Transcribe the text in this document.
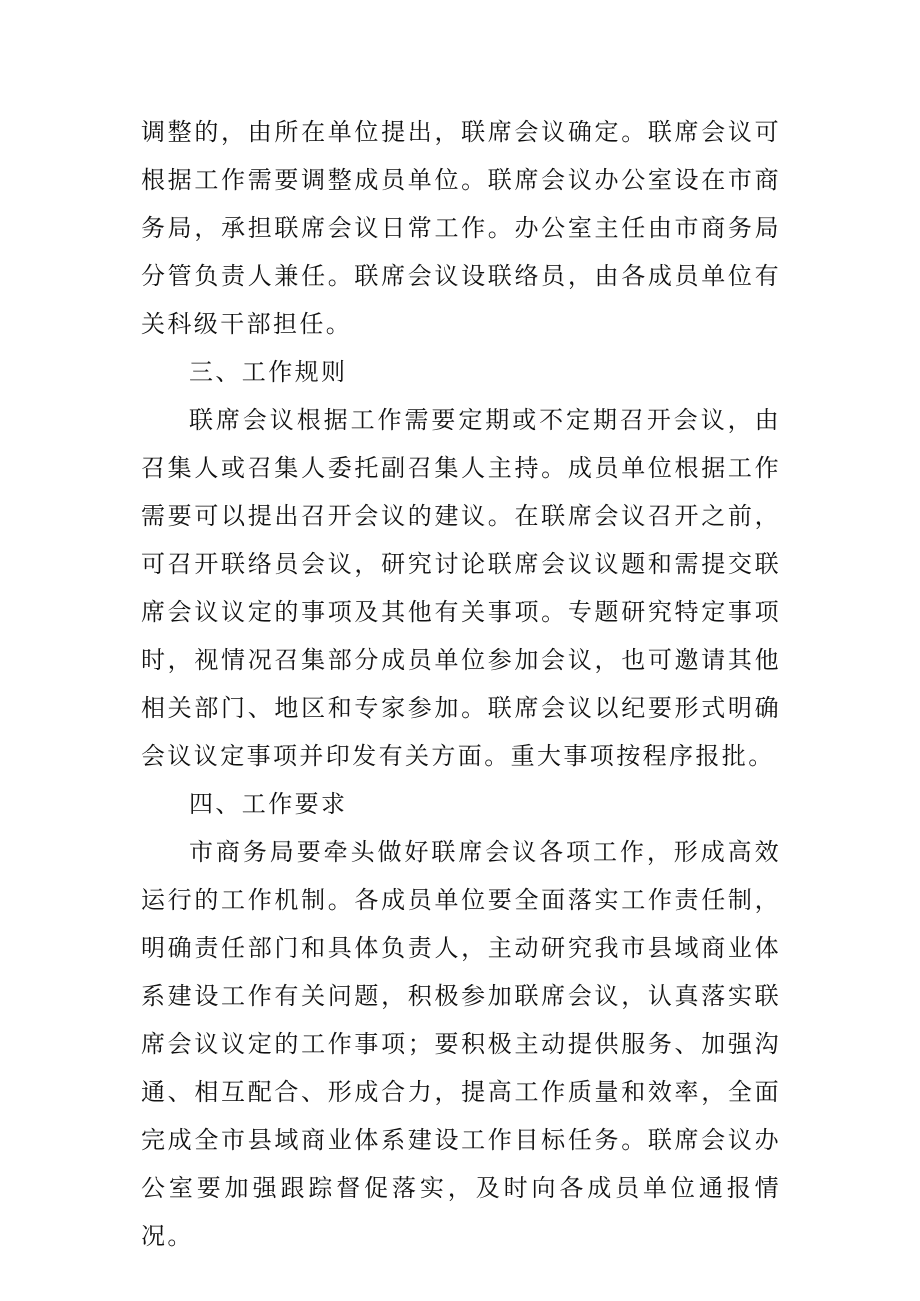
调整的，由所在单位提出，联席会议确定。联席会议可根据工作需要调整成员单位。联席会议办公室设在市商务局，承担联席会议日常工作。办公室主任由市商务局分管负责人兼任。联席会议设联络员，由各成员单位有关科级干部担任。

三、工作规则

联席会议根据工作需要定期或不定期召开会议，由召集人或召集人委托副召集人主持。成员单位根据工作需要可以提出召开会议的建议。在联席会议召开之前，可召开联络员会议，研究讨论联席会议议题和需提交联席会议议定的事项及其他有关事项。专题研究特定事项时，视情况召集部分成员单位参加会议，也可邀请其他相关部门、地区和专家参加。联席会议以纪要形式明确会议议定事项并印发有关方面。重大事项按程序报批。

四、工作要求

市商务局要牵头做好联席会议各项工作，形成高效运行的工作机制。各成员单位要全面落实工作责任制，明确责任部门和具体负责人，主动研究我市县域商业体系建设工作有关问题，积极参加联席会议，认真落实联席会议议定的工作事项；要积极主动提供服务、加强沟通、相互配合、形成合力，提高工作质量和效率，全面完成全市县域商业体系建设工作目标任务。联席会议办公室要加强跟踪督促落实，及时向各成员单位通报情况。
